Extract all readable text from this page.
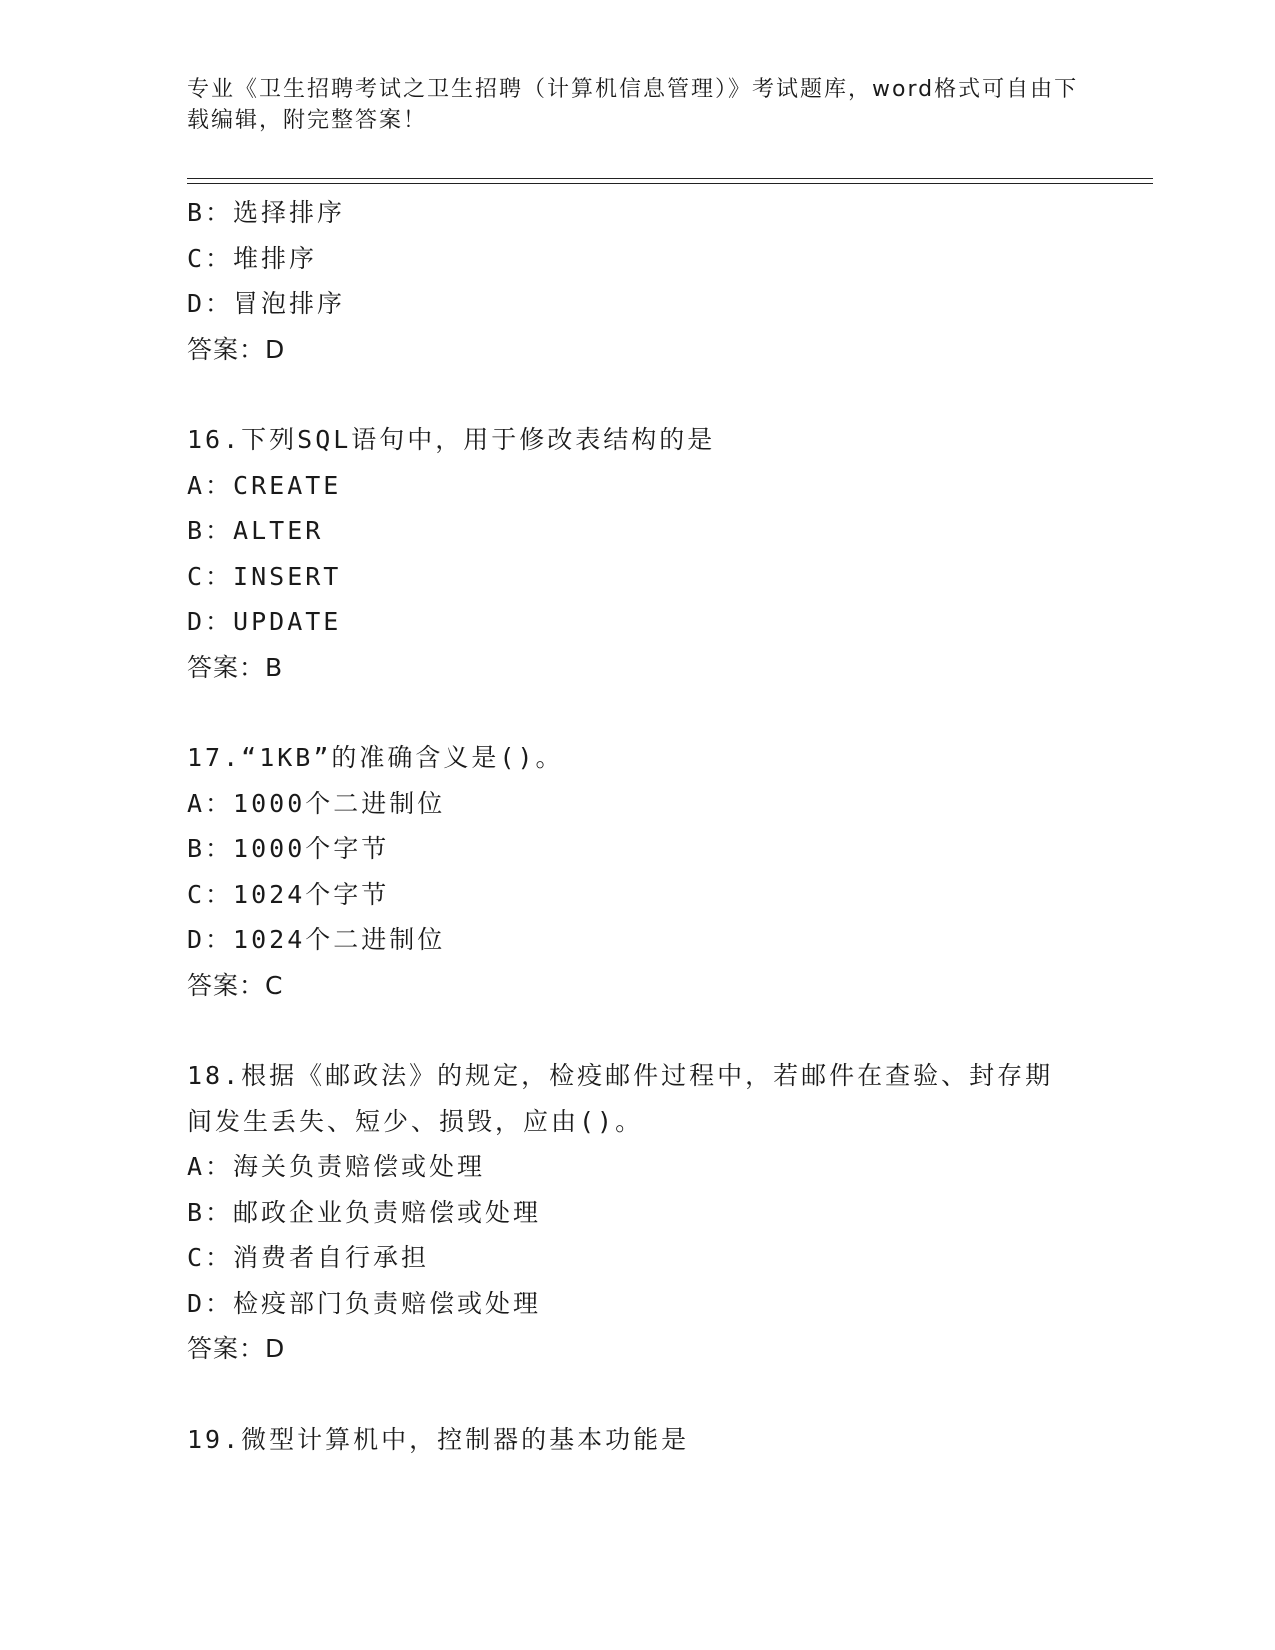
专业《卫生招聘考试之卫生招聘（计算机信息管理）》考试题库，word格式可自由下载编辑，附完整答案！
B：选择排序
C：堆排序
D：冒泡排序
答案：D
16.下列SQL语句中，用于修改表结构的是
A：CREATE
B：ALTER
C：INSERT
D：UPDATE
答案：B
17.“1KB”的准确含义是()。
A：1000个二进制位
B：1000个字节
C：1024个字节
D：1024个二进制位
答案：C
18.根据《邮政法》的规定，检疫邮件过程中，若邮件在查验、封存期间发生丢失、短少、损毁，应由()。
A：海关负责赔偿或处理
B：邮政企业负责赔偿或处理
C：消费者自行承担
D：检疫部门负责赔偿或处理
答案：D
19.微型计算机中，控制器的基本功能是
